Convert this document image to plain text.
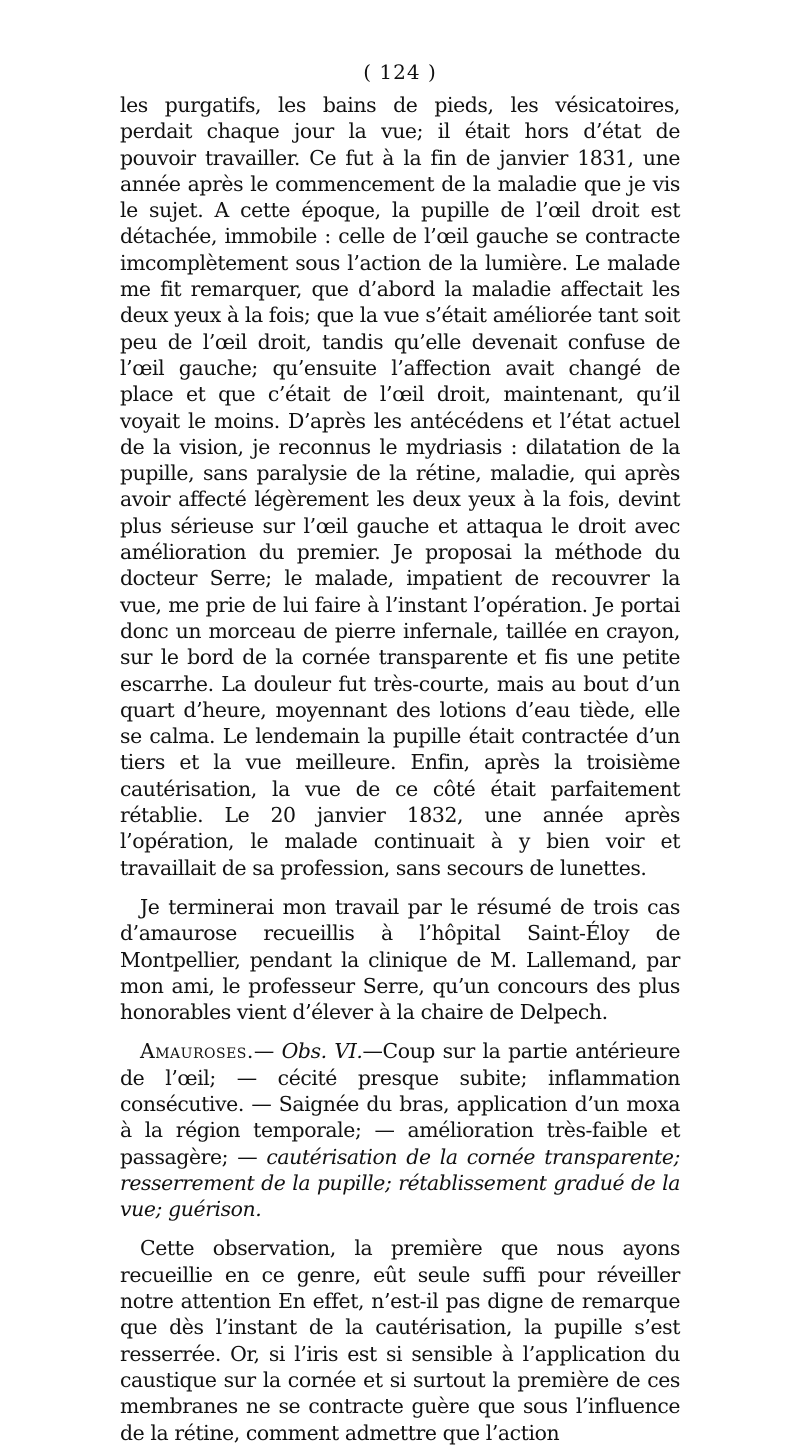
( 124 )

les purgatifs, les bains de pieds, les vésicatoires, perdait chaque jour la vue; il était hors d’état de pouvoir travailler. Ce fut à la fin de janvier 1831, une année après le commencement de la maladie que je vis le sujet. A cette époque, la pupille de l’œil droit est détachée, immobile : celle de l’œil gauche se contracte imcomplètement sous l’action de la lumière. Le malade me fit remarquer, que d’abord la maladie affectait les deux yeux à la fois; que la vue s’était améliorée tant soit peu de l’œil droit, tandis qu’elle devenait confuse de l’œil gauche; qu’ensuite l’affection avait changé de place et que c’était de l’œil droit, maintenant, qu’il voyait le moins. D’après les antécédens et l’état actuel de la vision, je reconnus le mydriasis : dilatation de la pupille, sans paralysie de la rétine, maladie, qui après avoir affecté légèrement les deux yeux à la fois, devint plus sérieuse sur l’œil gauche et attaqua le droit avec amélioration du premier. Je proposai la méthode du docteur Serre; le malade, impatient de recouvrer la vue, me prie de lui faire à l’instant l’opération. Je portai donc un morceau de pierre infernale, taillée en crayon, sur le bord de la cornée transparente et fis une petite escarrhe. La douleur fut très-courte, mais au bout d’un quart d’heure, moyennant des lotions d’eau tiède, elle se calma. Le lendemain la pupille était contractée d’un tiers et la vue meilleure. Enfin, après la troisième cautérisation, la vue de ce côté était parfaitement rétablie. Le 20 janvier 1832, une année après l’opération, le malade continuait à y bien voir et travaillait de sa profession, sans secours de lunettes.

Je terminerai mon travail par le résumé de trois cas d’amaurose recueillis à l’hôpital Saint-Éloy de Montpellier, pendant la clinique de M. Lallemand, par mon ami, le professeur Serre, qu’un concours des plus honorables vient d’élever à la chaire de Delpech.

Amauroses.— Obs. VI.—Coup sur la partie antérieure de l’œil; — cécité presque subite; inflammation consécutive. — Saignée du bras, application d’un moxa à la région temporale; — amélioration très-faible et passagère; — cautérisation de la cornée transparente; resserrement de la pupille; rétablissement gradué de la vue; guérison.

Cette observation, la première que nous ayons recueillie en ce genre, eût seule suffi pour réveiller notre attention En effet, n’est-il pas digne de remarque que dès l’instant de la cautérisation, la pupille s’est resserrée. Or, si l’iris est si sensible à l’application du caustique sur la cornée et si surtout la première de ces membranes ne se contracte guère que sous l’influence de la rétine, comment admettre que l’action
